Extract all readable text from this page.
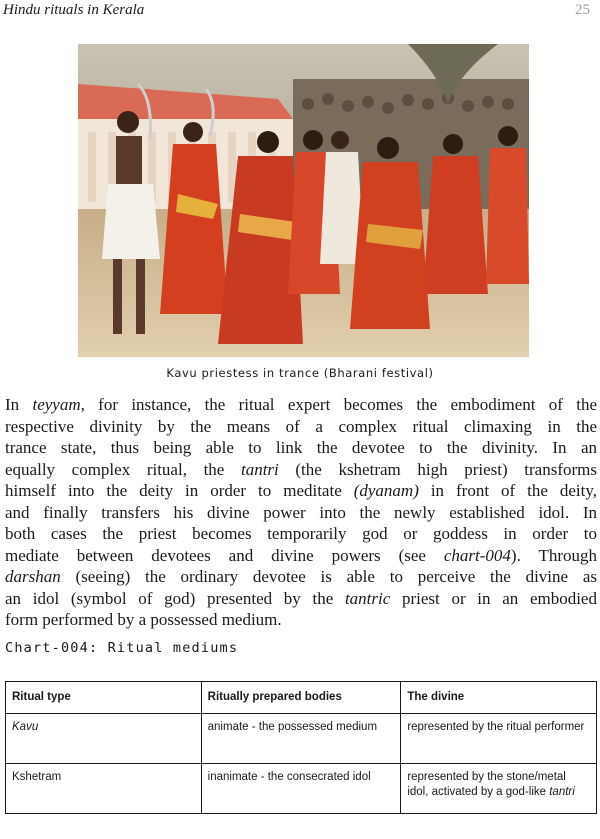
Hindu rituals in Kerala	25
Kavu priestess in trance (Bharani festival)
In teyyam, for instance, the ritual expert becomes the embodiment of the
respective divinity by the means of a complex ritual climaxing in the
trance state, thus being able to link the devotee to the divinity. In an
equally complex ritual, the tantri (the kshetram high priest) transforms
himself into the deity in order to meditate (dyanam) in front of the deity,
and finally transfers his divine power into the newly established idol. In
both cases the priest becomes temporarily god or goddess in order to
mediate between devotees and divine powers (see chart-004). Through
darshan (seeing) the ordinary devotee is able to perceive the divine as
an idol (symbol of god) presented by the tantric priest or in an embodied
form performed by a possessed medium.
Chart-004: Ritual mediums
Ritual type	Ritually prepared bodies	The divine
Kavu	animate - the possessed medium	represented by the ritual performer
Kshetram	inanimate - the consecrated idol	represented by the stone/metal idol, activated by a god-like tantri
